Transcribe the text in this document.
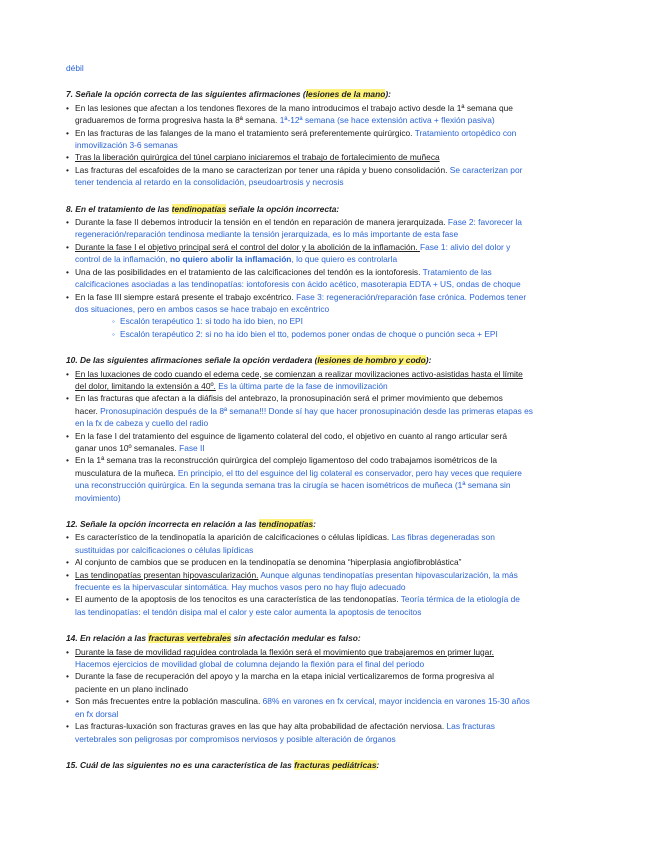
débil
7. Señale la opción correcta de las siguientes afirmaciones (lesiones de la mano):
• En las lesiones que afectan a los tendones flexores de la mano introducimos el trabajo activo desde la 1ª semana que
graduaremos de forma progresiva hasta la 8ª semana. 1ª-12ª semana (se hace extensión activa + flexión pasiva)
• En las fracturas de las falanges de la mano el tratamiento será preferentemente quirúrgico. Tratamiento ortopédico con
inmovilización 3-6 semanas
• Tras la liberación quirúrgica del túnel carpiano iniciaremos el trabajo de fortalecimiento de muñeca
• Las fracturas del escafoides de la mano se caracterizan por tener una rápida y bueno consolidación. Se caracterizan por
tener tendencia al retardo en la consolidación, pseudoartrosis y necrosis
8. En el tratamiento de las tendinopatías señale la opción incorrecta:
• Durante la fase II debemos introducir la tensión en el tendón en reparación de manera jerarquizada. Fase 2: favorecer la
regeneración/reparación tendinosa mediante la tensión jerarquizada, es lo más importante de esta fase
• Durante la fase I el objetivo principal será el control del dolor y la abolición de la inflamación. Fase 1: alivio del dolor y
control de la inflamación, no quiero abolir la inflamación, lo que quiero es controlarla
• Una de las posibilidades en el tratamiento de las calcificaciones del tendón es la iontoforesis. Tratamiento de las
calcificaciones asociadas a las tendinopatías: iontoforesis con ácido acético, masoterapia EDTA + US, ondas de choque
• En la fase III siempre estará presente el trabajo excéntrico. Fase 3: regeneración/reparación fase crónica. Podemos tener
dos situaciones, pero en ambos casos se hace trabajo en excéntrico
◦ Escalón terapéutico 1: si todo ha ido bien, no EPI
◦ Escalón terapéutico 2: si no ha ido bien el tto, podemos poner ondas de choque o punción seca + EPI
10. De las siguientes afirmaciones señale la opción verdadera (lesiones de hombro y codo):
• En las luxaciones de codo cuando el edema cede, se comienzan a realizar movilizaciones activo-asistidas hasta el límite
del dolor, limitando la extensión a 40º. Es la última parte de la fase de inmovilización
• En las fracturas que afectan a la diáfisis del antebrazo, la pronosupinación será el primer movimiento que debemos
hacer. Pronosupinación después de la 8ª semana!!! Donde sí hay que hacer pronosupinación desde las primeras etapas es
en la fx de cabeza y cuello del radio
• En la fase I del tratamiento del esguince de ligamento colateral del codo, el objetivo en cuanto al rango articular será
ganar unos 10º semanales. Fase II
• En la 1ª semana tras la reconstrucción quirúrgica del complejo ligamentoso del codo trabajamos isométricos de la
musculatura de la muñeca. En principio, el tto del esguince del lig colateral es conservador, pero hay veces que requiere
una reconstrucción quirúrgica. En la segunda semana tras la cirugía se hacen isométricos de muñeca (1ª semana sin
movimiento)
12. Señale la opción incorrecta en relación a las tendinopatías:
• Es característico de la tendinopatía la aparición de calcificaciones o células lipídicas. Las fibras degeneradas son
sustituidas por calcificaciones o células lipídicas
• Al conjunto de cambios que se producen en la tendinopatía se denomina “hiperplasia angiofibroblástica”
• Las tendinopatías presentan hipovascularización. Aunque algunas tendinopatías presentan hipovascularización, la más
frecuente es la hipervascular sintomática. Hay muchos vasos pero no hay flujo adecuado
• El aumento de la apoptosis de los tenocitos es una característica de las tendonopatías. Teoría térmica de la etiología de
las tendinopatías: el tendón disipa mal el calor y este calor aumenta la apoptosis de tenocitos
14. En relación a las fracturas vertebrales sin afectación medular es falso:
• Durante la fase de movilidad raquídea controlada la flexión será el movimiento que trabajaremos en primer lugar.
Hacemos ejercicios de movilidad global de columna dejando la flexión para el final del periodo
• Durante la fase de recuperación del apoyo y la marcha en la etapa inicial verticalizaremos de forma progresiva al
paciente en un plano inclinado
• Son más frecuentes entre la población masculina. 68% en varones en fx cervical, mayor incidencia en varones 15-30 años
en fx dorsal
• Las fracturas-luxación son fracturas graves en las que hay alta probabilidad de afectación nerviosa. Las fracturas
vertebrales son peligrosas por compromisos nerviosos y posible alteración de órganos
15. Cuál de las siguientes no es una característica de las fracturas pediátricas:
